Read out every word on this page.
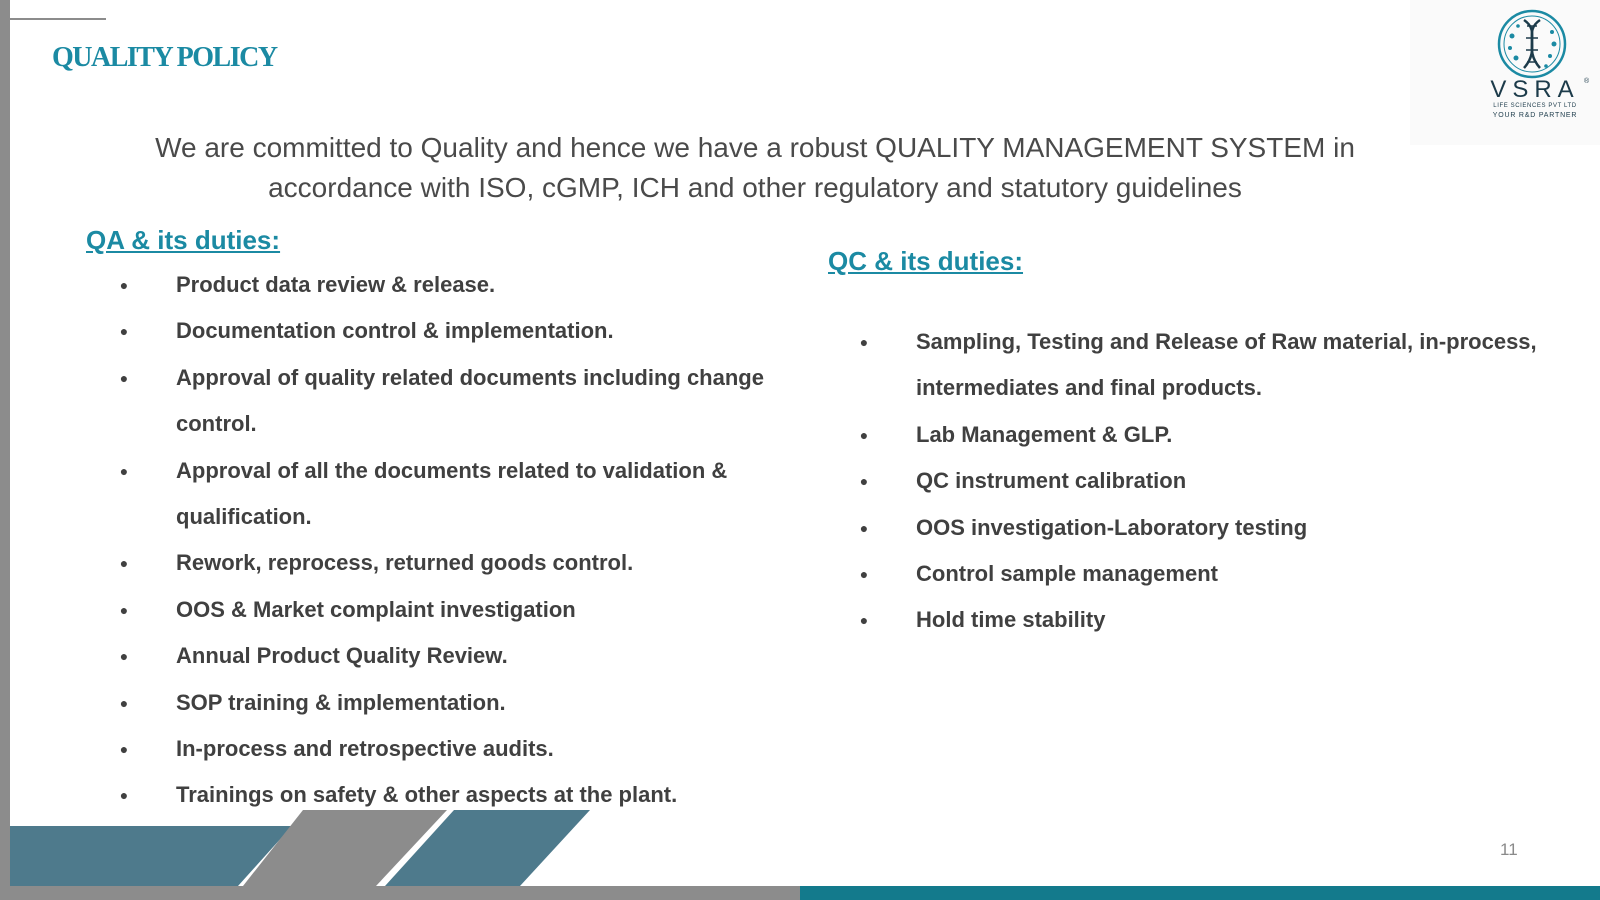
QUALITY POLICY
VSRA ®
LIFE SCIENCES PVT LTD
YOUR R&D PARTNER

We are committed to Quality and hence we have a robust QUALITY MANAGEMENT SYSTEM in accordance with ISO, cGMP, ICH and other regulatory and statutory guidelines

QA & its duties:
● Product data review & release.
● Documentation control & implementation.
● Approval of quality related documents including change control.
● Approval of all the documents related to validation & qualification.
● Rework, reprocess, returned goods control.
● OOS & Market complaint investigation
● Annual Product Quality Review.
● SOP training & implementation.
● In-process and retrospective audits.
● Trainings on safety & other aspects at the plant.
QC & its duties:
● Sampling, Testing and Release of Raw material, in-process, intermediates and final products.
● Lab Management & GLP.
● QC instrument calibration
● OOS investigation-Laboratory testing
● Control sample management
● Hold time stability
11
